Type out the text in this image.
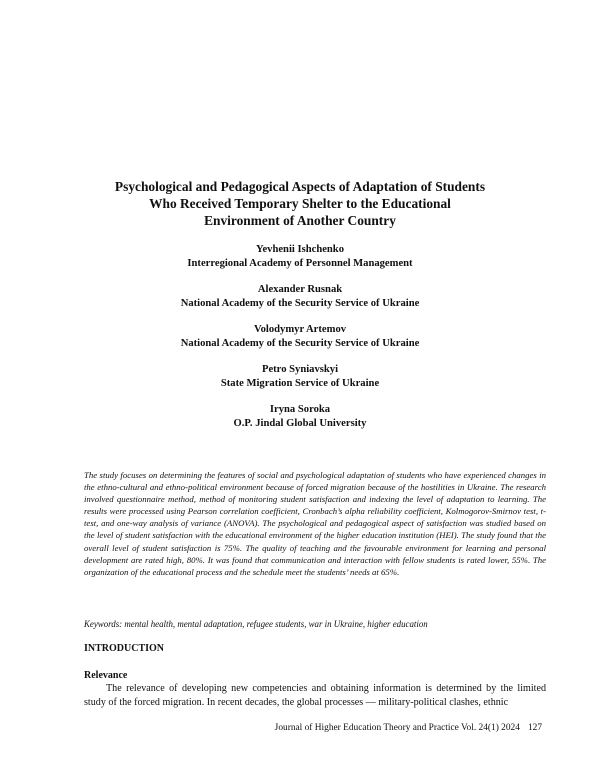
Psychological and Pedagogical Aspects of Adaptation of Students
Who Received Temporary Shelter to the Educational
Environment of Another Country

Yevhenii Ishchenko
Interregional Academy of Personnel Management

Alexander Rusnak
National Academy of the Security Service of Ukraine

Volodymyr Artemov
National Academy of the Security Service of Ukraine

Petro Syniavskyi
State Migration Service of Ukraine

Iryna Soroka
O.P. Jindal Global University

The study focuses on determining the features of social and psychological adaptation of students who have experienced changes in the ethno-cultural and ethno-political environment because of forced migration because of the hostilities in Ukraine. The research involved questionnaire method, method of monitoring student satisfaction and indexing the level of adaptation to learning. The results were processed using Pearson correlation coefficient, Cronbach’s alpha reliability coefficient, Kolmogorov-Smirnov test, t-test, and one-way analysis of variance (ANOVA). The psychological and pedagogical aspect of satisfaction was studied based on the level of student satisfaction with the educational environment of the higher education institution (HEI). The study found that the overall level of student satisfaction is 75%. The quality of teaching and the favourable environment for learning and personal development are rated high, 80%. It was found that communication and interaction with fellow students is rated lower, 55%. The organization of the educational process and the schedule meet the students’ needs at 65%.

Keywords: mental health, mental adaptation, refugee students, war in Ukraine, higher education

INTRODUCTION
Relevance

The relevance of developing new competencies and obtaining information is determined by the limited study of the forced migration. In recent decades, the global processes — military-political clashes, ethnic

Journal of Higher Education Theory and Practice Vol. 24(1) 2024 127
